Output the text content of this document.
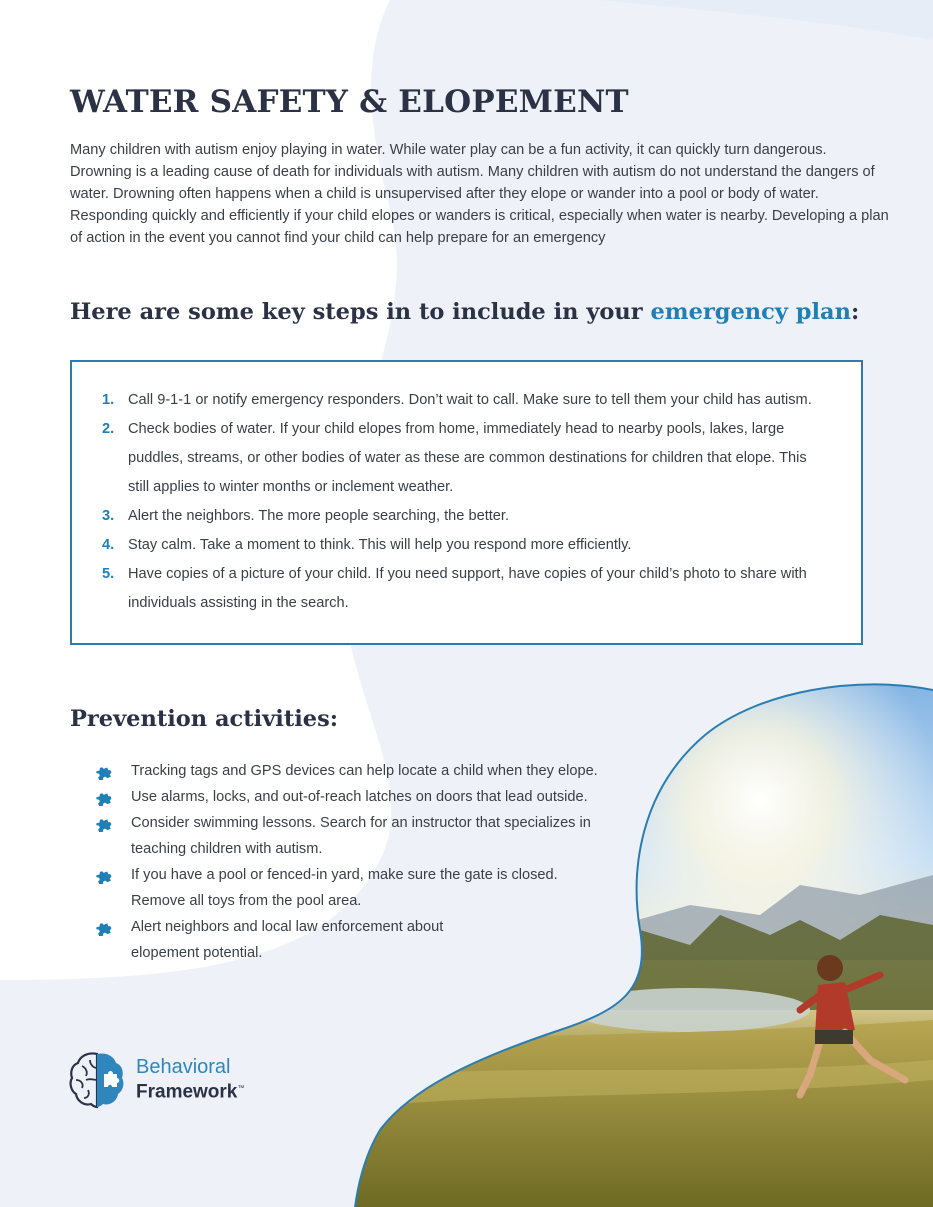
WATER SAFETY & ELOPEMENT

Many children with autism enjoy playing in water. While water play can be a fun activity, it can quickly turn dangerous. Drowning is a leading cause of death for individuals with autism. Many children with autism do not understand the dangers of water. Drowning often happens when a child is unsupervised after they elope or wander into a pool or body of water. Responding quickly and efficiently if your child elopes or wanders is critical, especially when water is nearby. Developing a plan of action in the event you cannot find your child can help prepare for an emergency

Here are some key steps in to include in your emergency plan:
1. Call 9-1-1 or notify emergency responders. Don’t wait to call. Make sure to tell them your child has autism.
2. Check bodies of water. If your child elopes from home, immediately head to nearby pools, lakes, large puddles, streams, or other bodies of water as these are common destinations for children that elope. This still applies to winter months or inclement weather.
3. Alert the neighbors. The more people searching, the better.
4. Stay calm. Take a moment to think. This will help you respond more efficiently.
5. Have copies of a picture of your child. If you need support, have copies of your child’s photo to share with individuals assisting in the search.
Prevention activities:
Tracking tags and GPS devices can help locate a child when they elope.
Use alarms, locks, and out-of-reach latches on doors that lead outside.
Consider swimming lessons. Search for an instructor that specializes in
teaching children with autism.
If you have a pool or fenced-in yard, make sure the gate is closed.
Remove all toys from the pool area.
Alert neighbors and local law enforcement about
elopement potential.
Behavioral
Framework™
